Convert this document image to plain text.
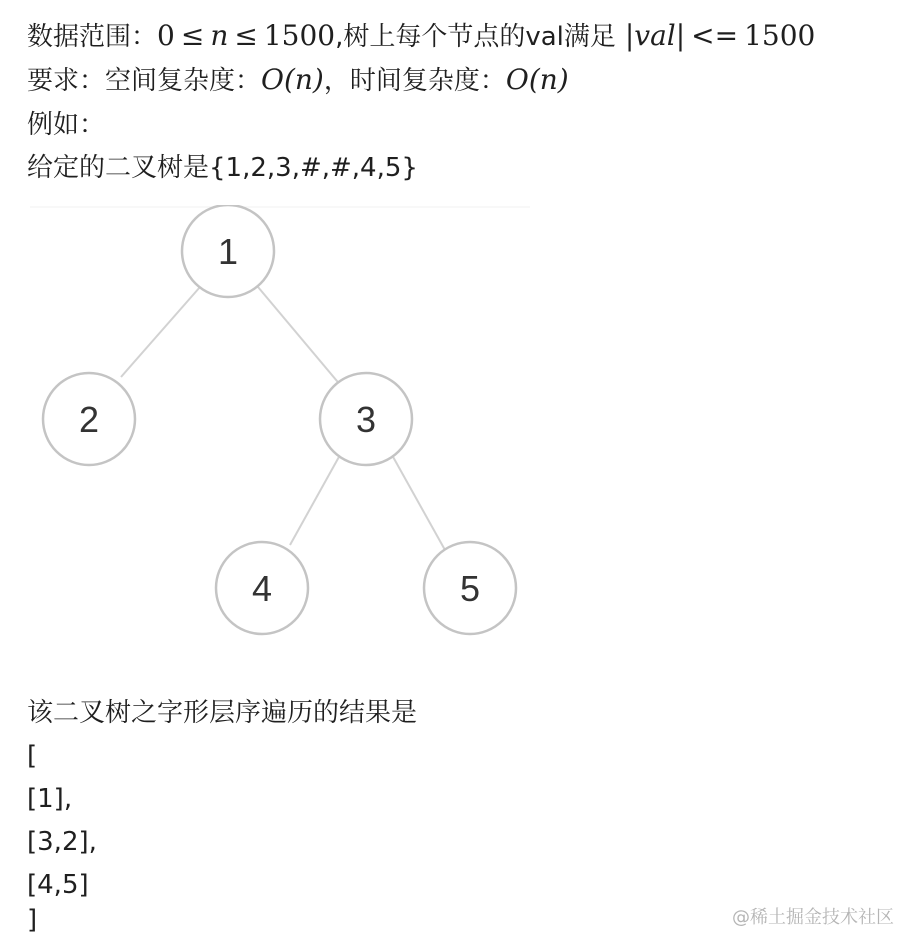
数据范围：0 ≤ n ≤ 1500,树上每个节点的val满足 |val| <= 1500
要求：空间复杂度：O(n)，时间复杂度：O(n)
例如：
给定的二叉树是{1,2,3,#,#,4,5}
1
2	3
4	5
该二叉树之字形层序遍历的结果是
[
[1],
[3,2],
[4,5]
]	@稀土掘金技术社区
